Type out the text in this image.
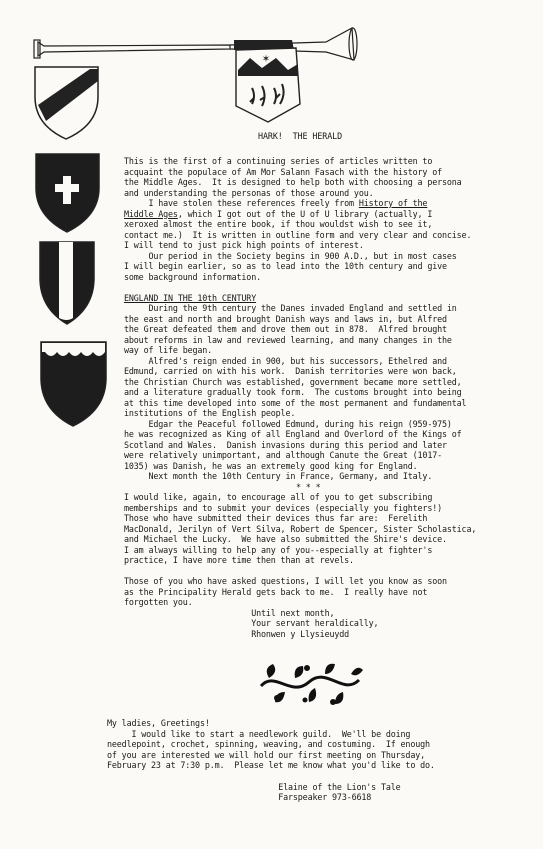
✶
HARK!  THE HERALD
This is the first of a continuing series of articles written to
acquaint the populace of Am Mor Salann Fasach with the history of
the Middle Ages.  It is designed to help both with choosing a persona
and understanding the personas of those around you.
I have stolen these references freely from History of the
Middle Ages, which I got out of the U of U library (actually, I
xeroxed almost the entire book, if thou wouldst wish to see it,
contact me.)  It is written in outline form and very clear and concise.
I will tend to just pick high points of interest.
Our period in the Society begins in 900 A.D., but in most cases
I will begin earlier, so as to lead into the 10th century and give
some background information.
ENGLAND IN THE 10th CENTURY
During the 9th century the Danes invaded England and settled in
the east and north and brought Danish ways and laws in, but Alfred
the Great defeated them and drove them out in 878.  Alfred brought
about reforms in law and reviewed learning, and many changes in the
way of life began.
Alfred's reign ended in 900, but his successors, Ethelred and
Edmund, carried on with his work.  Danish territories were won back,
the Christian Church was established, government became more settled,
and a literature gradually took form.  The customs brought into being
at this time developed into some of the most permanent and fundamental
institutions of the English people.
Edgar the Peaceful followed Edmund, during his reign (959-975)
he was recognized as King of all England and Overlord of the Kings of
Scotland and Wales.  Danish invasions during this period and later
were relatively unimportant, and although Canute the Great (1017-
1035) was Danish, he was an extremely good king for England.
Next month the 10th Century in France, Germany, and Italy.
* * *
I would like, again, to encourage all of you to get subscribing
memberships and to submit your devices (especially you fighters!)
Those who have submitted their devices thus far are:  Ferelith
MacDonald, Jerilyn of Vert Silva, Robert de Spencer, Sister Scholastica,
and Michael the Lucky.  We have also submitted the Shire's device.
I am always willing to help any of you--especially at fighter's
practice, I have more time then than at revels.
Those of you who have asked questions, I will let you know as soon
as the Principality Herald gets back to me.  I really have not
forgotten you.
Until next month,
Your servant heraldically,
Rhonwen y Llysieuydd
My ladies, Greetings!
I would like to start a needlework guild.  We'll be doing
needlepoint, crochet, spinning, weaving, and costuming.  If enough
of you are interested we will hold our first meeting on Thursday,
February 23 at 7:30 p.m.  Please let me know what you'd like to do.
Elaine of the Lion's Tale
Farspeaker 973-6618
